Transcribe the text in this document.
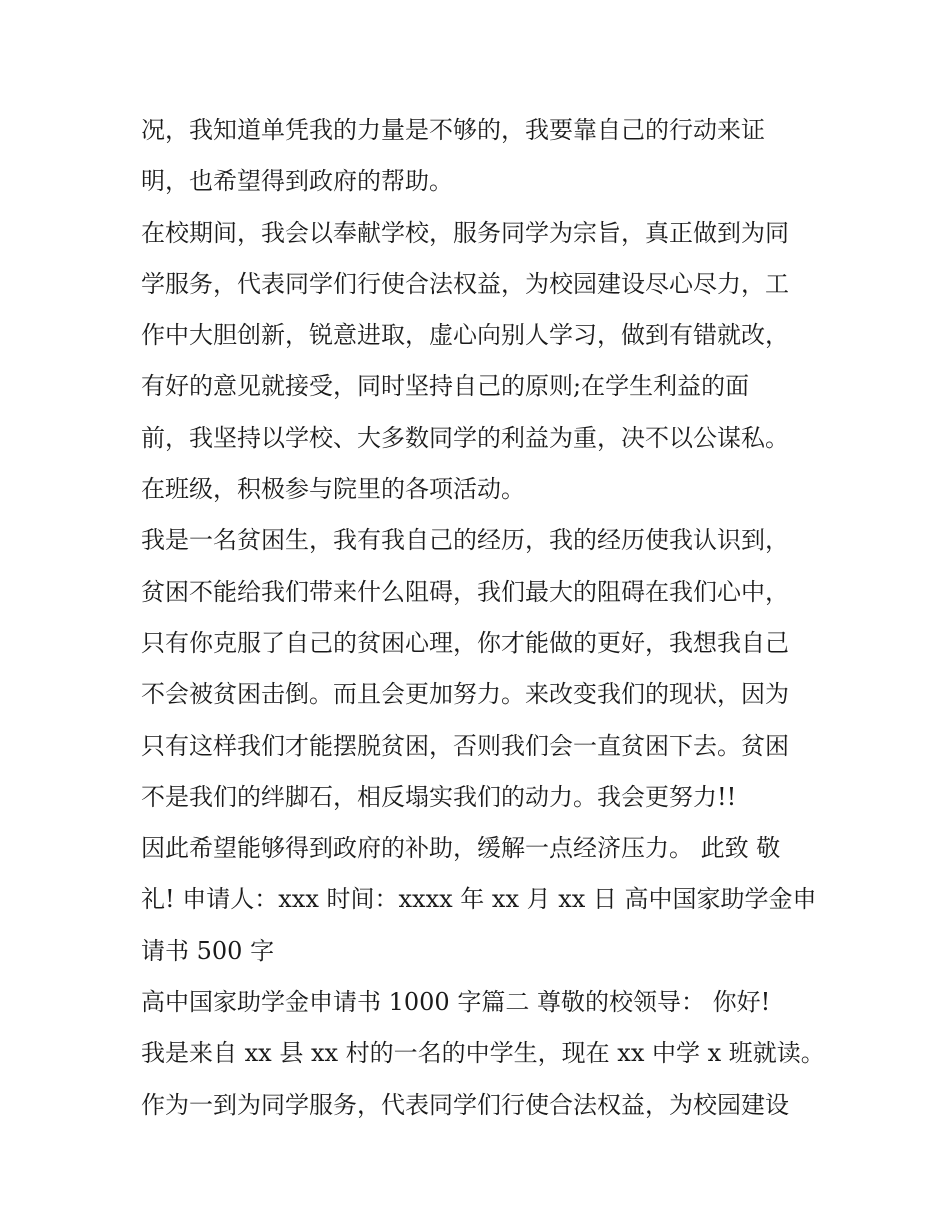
况，我知道单凭我的力量是不够的，我要靠自己的行动来证
明，也希望得到政府的帮助。
在校期间，我会以奉献学校，服务同学为宗旨，真正做到为同
学服务，代表同学们行使合法权益，为校园建设尽心尽力，工
作中大胆创新，锐意进取，虚心向别人学习，做到有错就改，
有好的意见就接受，同时坚持自己的原则;在学生利益的面
前，我坚持以学校、大多数同学的利益为重，决不以公谋私。
在班级，积极参与院里的各项活动。
我是一名贫困生，我有我自己的经历，我的经历使我认识到，
贫困不能给我们带来什么阻碍，我们最大的阻碍在我们心中，
只有你克服了自己的贫困心理，你才能做的更好，我想我自己
不会被贫困击倒。而且会更加努力。来改变我们的现状，因为
只有这样我们才能摆脱贫困，否则我们会一直贫困下去。贫困
不是我们的绊脚石，相反塌实我们的动力。我会更努力!!
因此希望能够得到政府的补助，缓解一点经济压力。 此致 敬
礼! 申请人：xxx 时间：xxxx 年 xx 月 xx 日 高中国家助学金申
请书 500 字
高中国家助学金申请书 1000 字篇二 尊敬的校领导： 你好!
我是来自 xx 县 xx 村的一名的中学生，现在 xx 中学 x 班就读。
作为一到为同学服务，代表同学们行使合法权益，为校园建设
